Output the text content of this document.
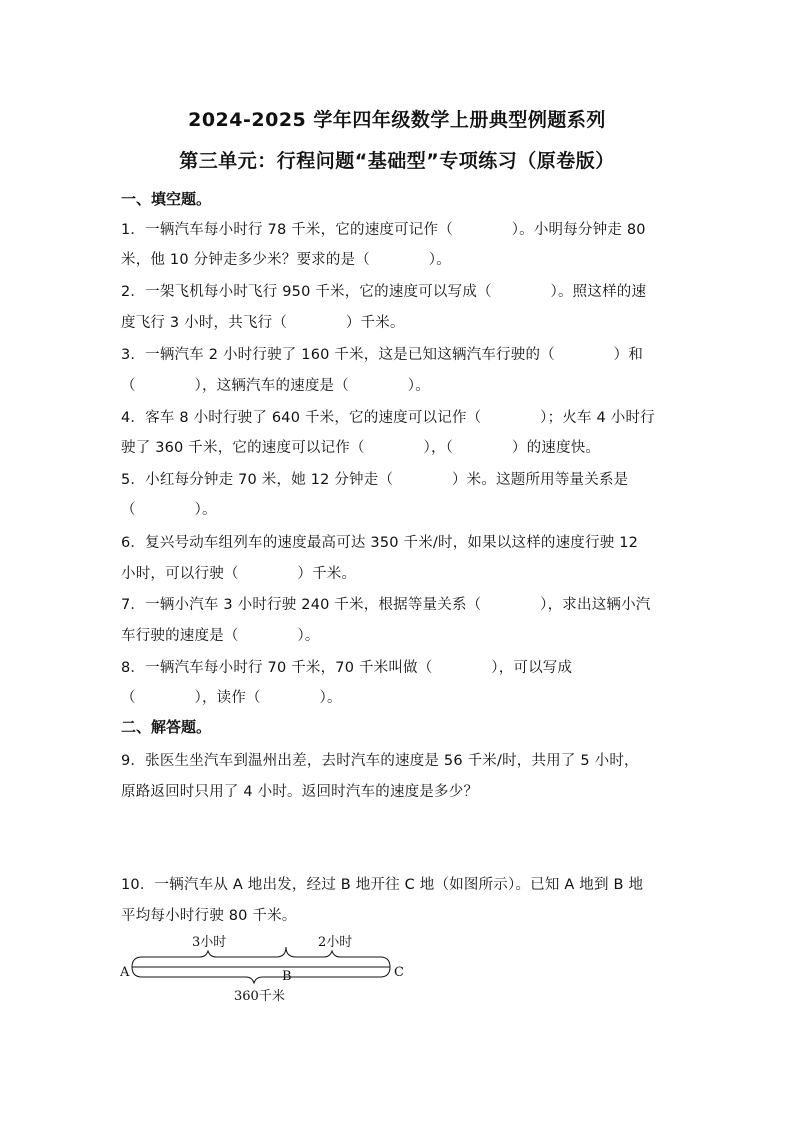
2024-2025 学年四年级数学上册典型例题系列
第三单元：行程问题“基础型”专项练习（原卷版）
一、填空题。
1．一辆汽车每小时行 78 千米，它的速度可记作（　　　　）。小明每分钟走 80
米，他 10 分钟走多少米？要求的是（　　　　）。
2．一架飞机每小时飞行 950 千米，它的速度可以写成（　　　　）。照这样的速
度飞行 3 小时，共飞行（　　　　）千米。
3．一辆汽车 2 小时行驶了 160 千米，这是已知这辆汽车行驶的（　　　　）和
（　　　　），这辆汽车的速度是（　　　　）。
4．客车 8 小时行驶了 640 千米，它的速度可以记作（　　　　）；火车 4 小时行
驶了 360 千米，它的速度可以记作（　　　　），（　　　　）的速度快。
5．小红每分钟走 70 米，她 12 分钟走（　　　　）米。这题所用等量关系是
（　　　　）。
6．复兴号动车组列车的速度最高可达 350 千米/时，如果以这样的速度行驶 12
小时，可以行驶（　　　　）千米。
7．一辆小汽车 3 小时行驶 240 千米，根据等量关系（　　　　），求出这辆小汽
车行驶的速度是（　　　　）。
8．一辆汽车每小时行 70 千米，70 千米叫做（　　　　），可以写成
（　　　　），读作（　　　　）。
二、解答题。
9．张医生坐汽车到温州出差，去时汽车的速度是 56 千米/时，共用了 5 小时，
原路返回时只用了 4 小时。返回时汽车的速度是多少？
10．一辆汽车从 A 地出发，经过 B 地开往 C 地（如图所示）。已知 A 地到 B 地
平均每小时行驶 80 千米。
3小时	2小时
A	B	C
360千米
